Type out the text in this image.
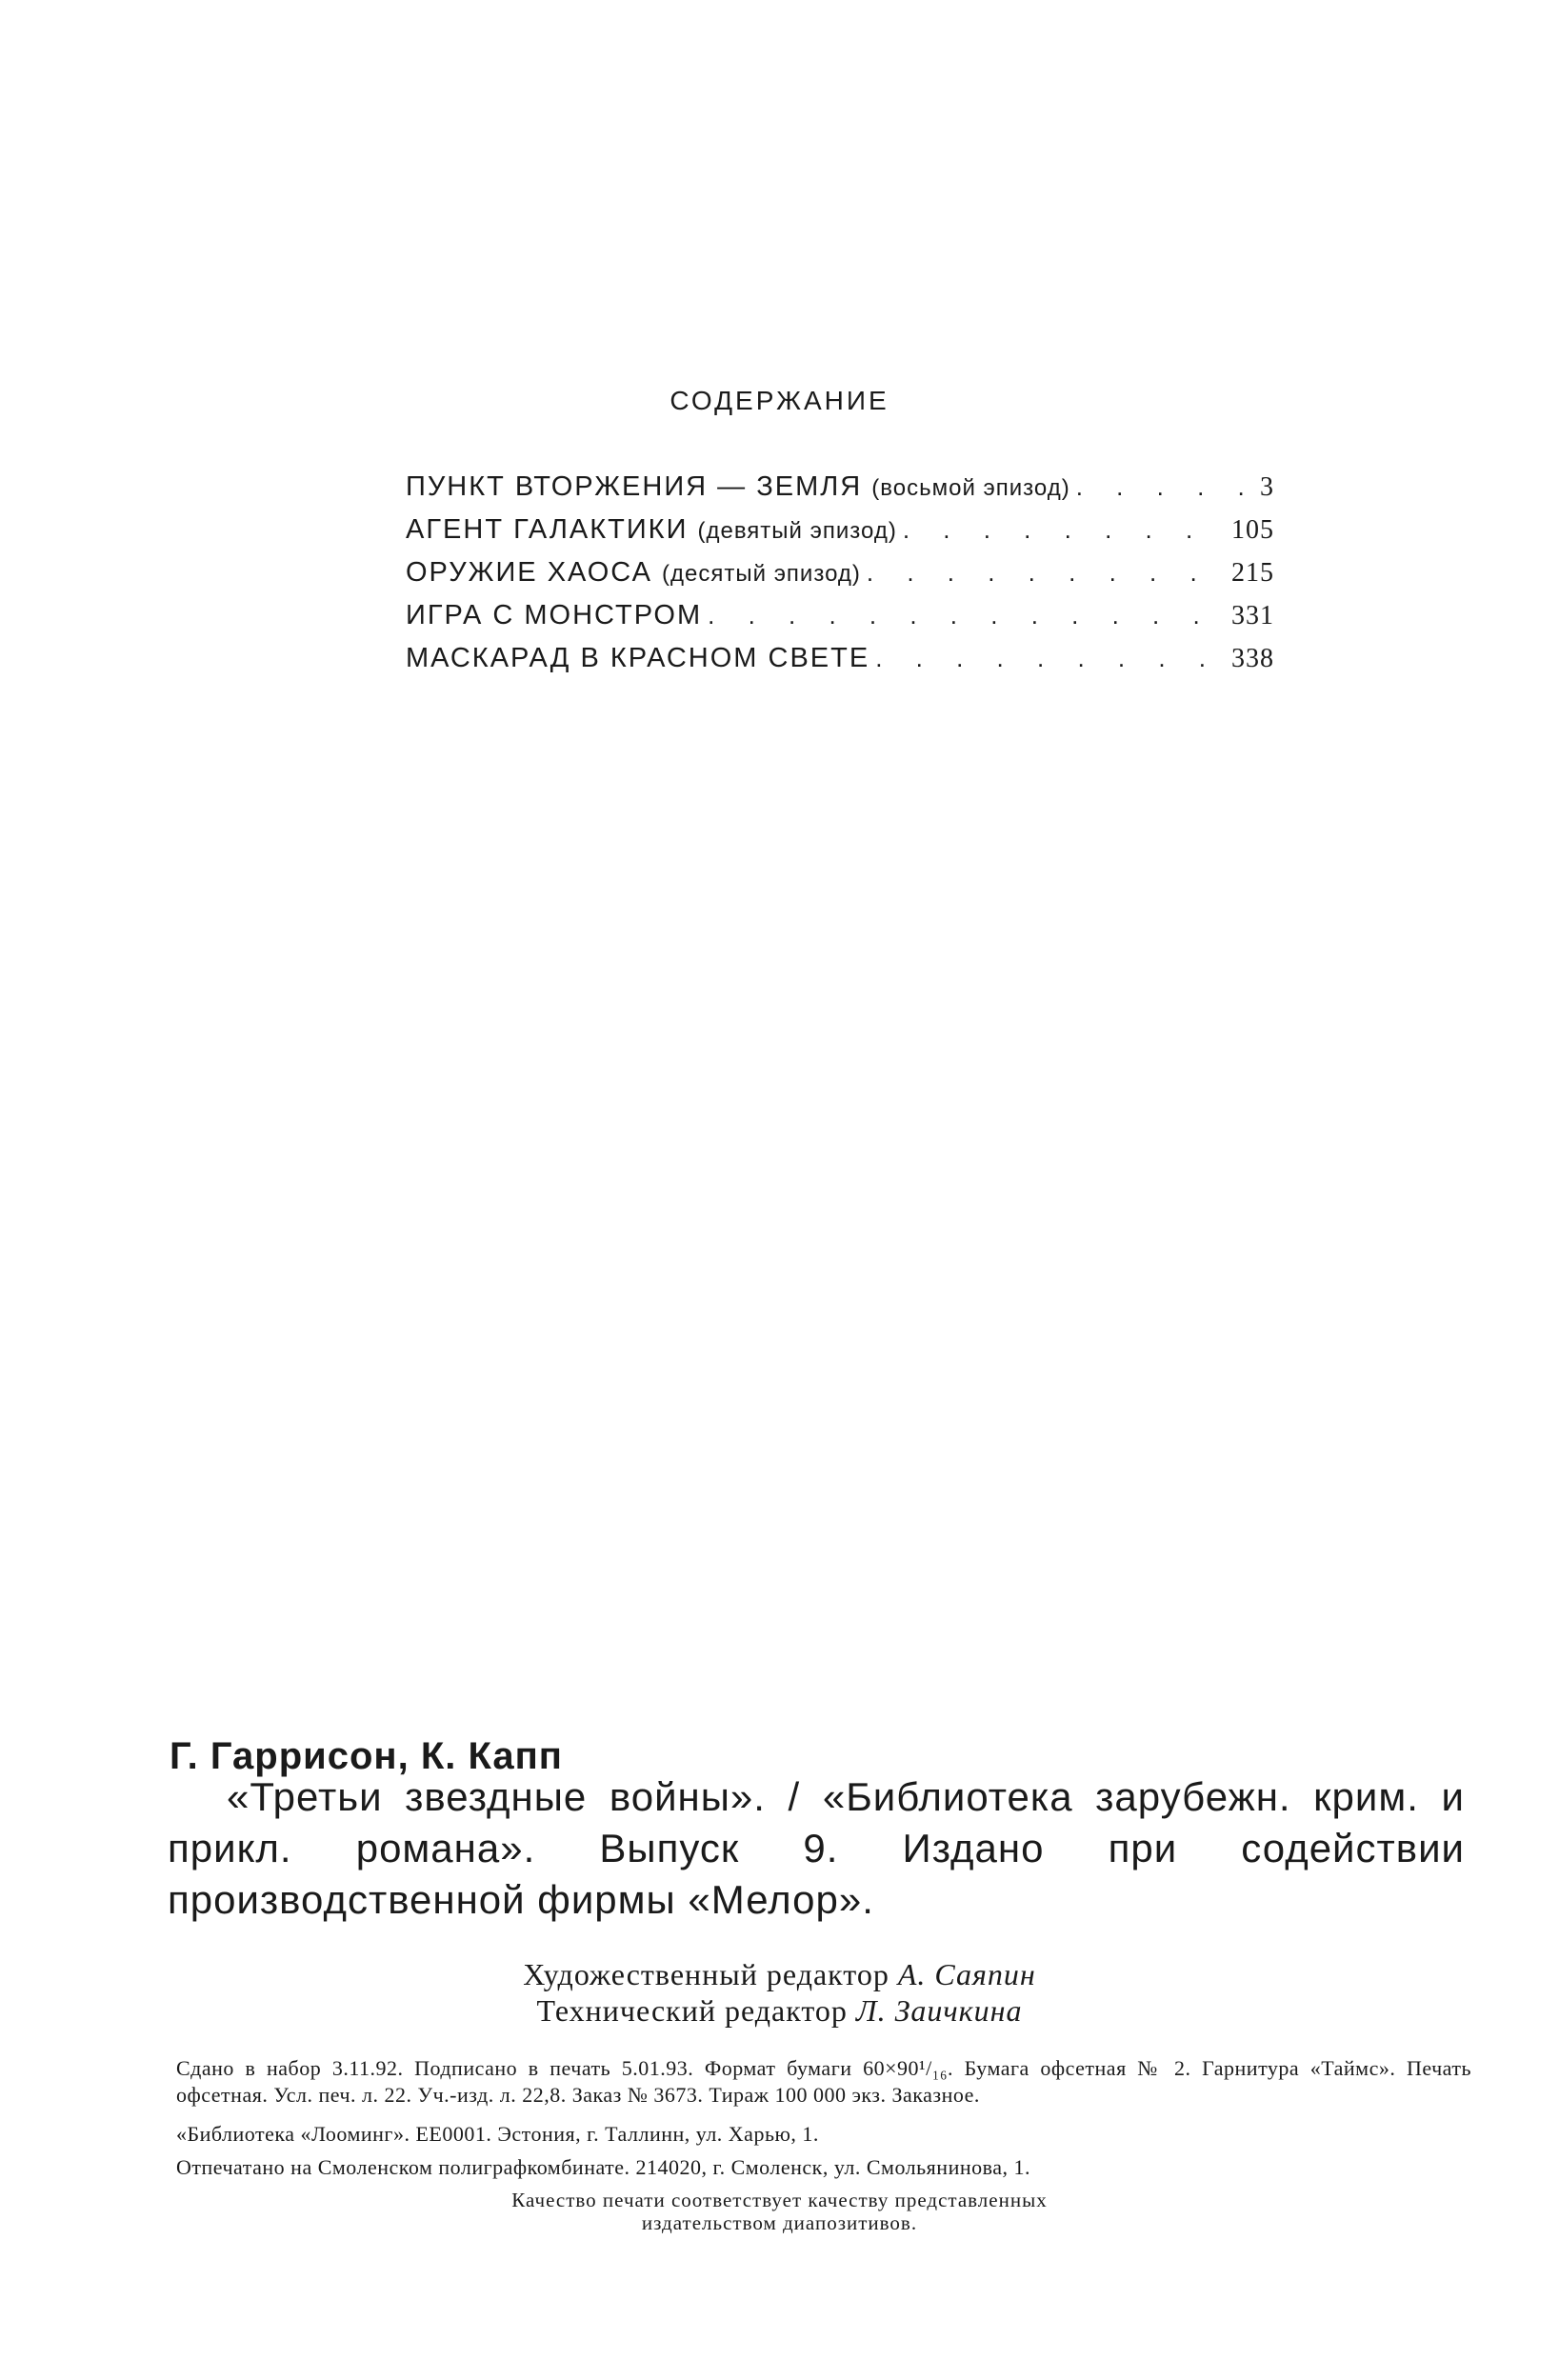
СОДЕРЖАНИЕ
ПУНКТ ВТОРЖЕНИЯ — ЗЕМЛЯ (восьмой эпизод) . . .	3
АГЕНТ ГАЛАКТИКИ (девятый эпизод) . . .	105
ОРУЖИЕ ХАОСА (десятый эпизод) . . .	215
ИГРА С МОНСТРОМ . . .	331
МАСКАРАД В КРАСНОМ СВЕТЕ . . .	338
Г. Гаррисон, К. Капп
«Третьи звездные войны». / «Библиотека зарубежн. крим. и прикл. романа». Выпуск 9. Издано при содействии производственной фирмы «Мелор».
Художественный редактор А. Саяпин
Технический редактор Л. Заичкина
Сдано в набор 3.11.92. Подписано в печать 5.01.93. Формат бумаги 60×90¹/₁₆. Бумага офсетная № 2. Гарнитура «Таймс». Печать офсетная. Усл. печ. л. 22. Уч.-изд. л. 22,8. Заказ № 3673. Тираж 100 000 экз. Заказное.
«Библиотека «Лооминг». ЕЕ0001. Эстония, г. Таллинн, ул. Харью, 1.
Отпечатано на Смоленском полиграфкомбинате. 214020, г. Смоленск, ул. Смольянинова, 1.
Качество печати соответствует качеству представленных
издательством диапозитивов.
